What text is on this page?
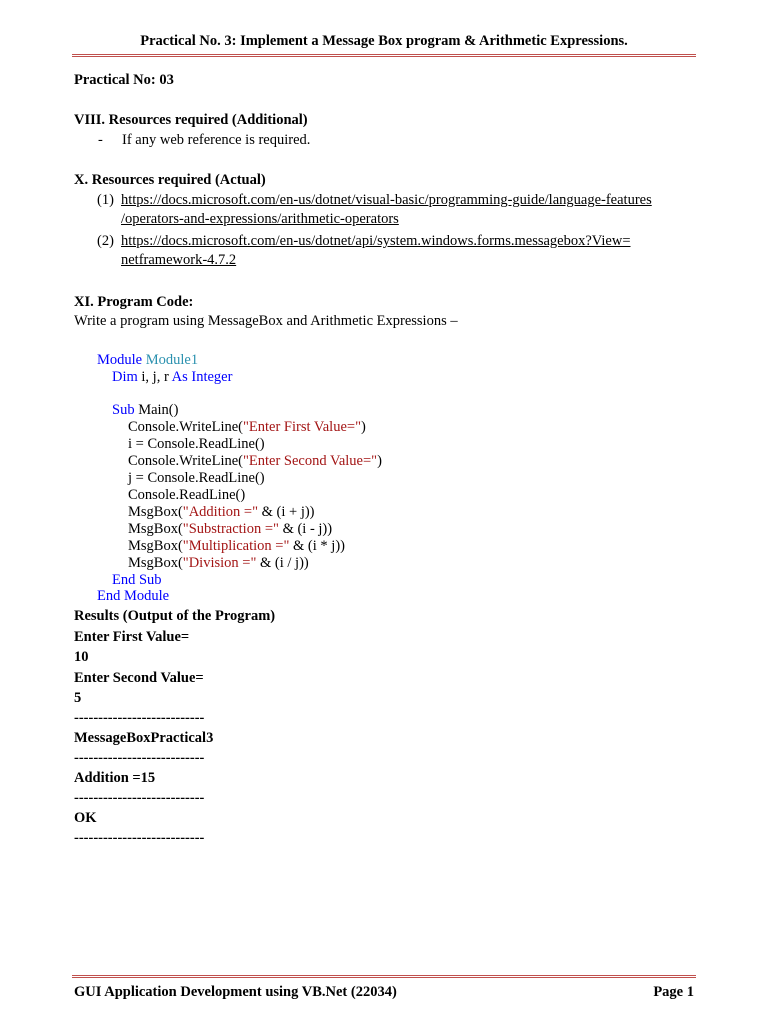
Practical No. 3: Implement a Message Box program & Arithmetic Expressions.
Practical No: 03
VIII. Resources required (Additional)
- If any web reference is required.
X. Resources required (Actual)
(1) https://docs.microsoft.com/en-us/dotnet/visual-basic/programming-guide/language-features
/operators-and-expressions/arithmetic-operators
(2) https://docs.microsoft.com/en-us/dotnet/api/system.windows.forms.messagebox?View=
netframework-4.7.2
XI. Program Code:
Write a program using MessageBox and Arithmetic Expressions –
Module Module1
Dim i, j, r As Integer
Sub Main()
Console.WriteLine("Enter First Value=")
i = Console.ReadLine()
Console.WriteLine("Enter Second Value=")
j = Console.ReadLine()
Console.ReadLine()
MsgBox("Addition =" & (i + j))
MsgBox("Substraction =" & (i - j))
MsgBox("Multiplication =" & (i * j))
MsgBox("Division =" & (i / j))
End Sub
End Module
Results (Output of the Program)
Enter First Value=
10
Enter Second Value=
5
---------------------------
MessageBoxPractical3
---------------------------
Addition =15
---------------------------
OK
---------------------------
GUI Application Development using VB.Net (22034)	Page 1
